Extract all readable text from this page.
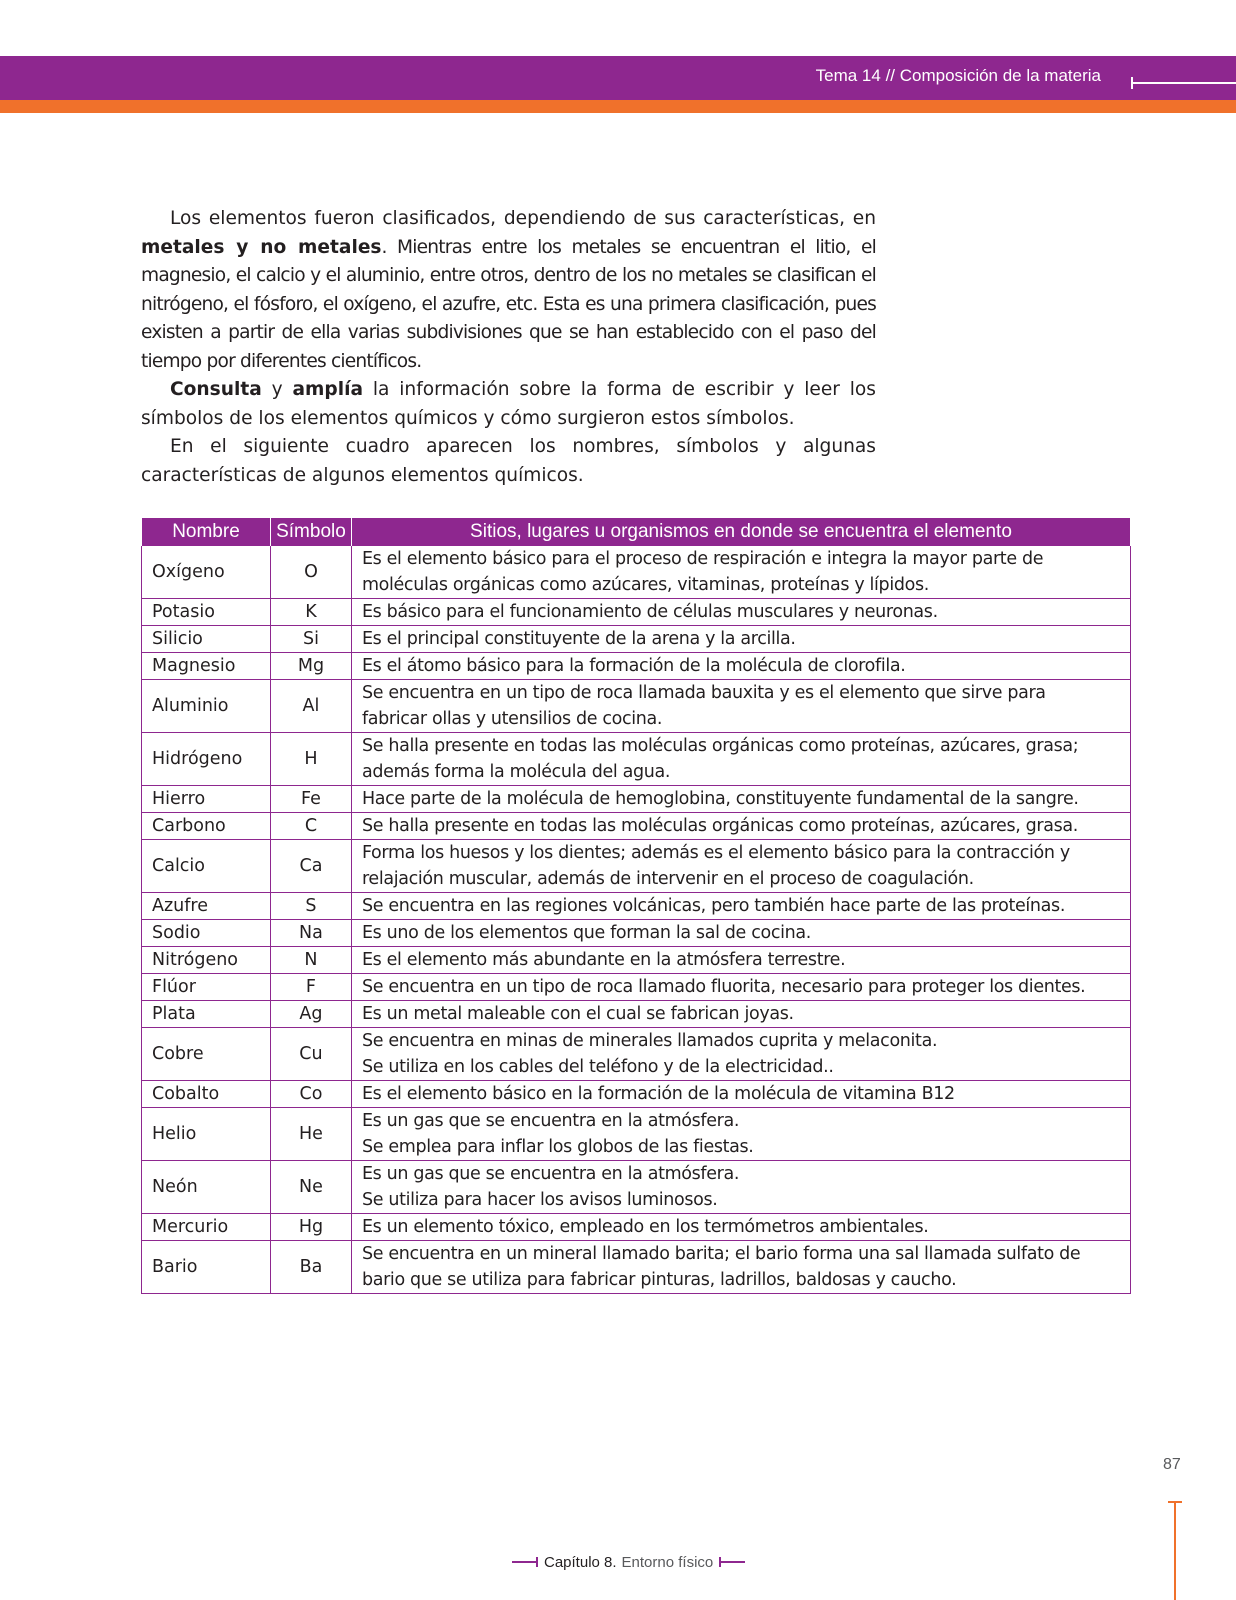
Tema 14 // Composición de la materia

Los elementos fueron clasificados, dependiendo de sus características, en metales y no metales. Mientras entre los metales se encuentran el litio, el magnesio, el calcio y el aluminio, entre otros, dentro de los no metales se clasifican el nitrógeno, el fósforo, el oxígeno, el azufre, etc. Esta es una primera clasificación, pues existen a partir de ella varias subdivisiones que se han establecido con el paso del tiempo por diferentes científicos.

Consulta y amplía la información sobre la forma de escribir y leer los símbolos de los elementos químicos y cómo surgieron estos símbolos.

En el siguiente cuadro aparecen los nombres, símbolos y algunas características de algunos elementos químicos.

Nombre	Símbolo	Sitios, lugares u organismos en donde se encuentra el elemento
Oxígeno	O	Es el elemento básico para el proceso de respiración e integra la mayor parte de
moléculas orgánicas como azúcares, vitaminas, proteínas y lípidos.
Potasio	K	Es básico para el funcionamiento de células musculares y neuronas.
Silicio	Si	Es el principal constituyente de la arena y la arcilla.
Magnesio	Mg	Es el átomo básico para la formación de la molécula de clorofila.
Aluminio	Al	Se encuentra en un tipo de roca llamada bauxita y es el elemento que sirve para
fabricar ollas y utensilios de cocina.
Hidrógeno	H	Se halla presente en todas las moléculas orgánicas como proteínas, azúcares, grasa;
además forma la molécula del agua.
Hierro	Fe	Hace parte de la molécula de hemoglobina, constituyente fundamental de la sangre.
Carbono	C	Se halla presente en todas las moléculas orgánicas como proteínas, azúcares, grasa.
Calcio	Ca	Forma los huesos y los dientes; además es el elemento básico para la contracción y
relajación muscular, además de intervenir en el proceso de coagulación.
Azufre	S	Se encuentra en las regiones volcánicas, pero también hace parte de las proteínas.
Sodio	Na	Es uno de los elementos que forman la sal de cocina.
Nitrógeno	N	Es el elemento más abundante en la atmósfera terrestre.
Flúor	F	Se encuentra en un tipo de roca llamado fluorita, necesario para proteger los dientes.
Plata	Ag	Es un metal maleable con el cual se fabrican joyas.
Cobre	Cu	Se encuentra en minas de minerales llamados cuprita y melaconita.
Se utiliza en los cables del teléfono y de la electricidad..
Cobalto	Co	Es el elemento básico en la formación de la molécula de vitamina B12
Helio	He	Es un gas que se encuentra en la atmósfera.
Se emplea para inflar los globos de las fiestas.
Neón	Ne	Es un gas que se encuentra en la atmósfera.
Se utiliza para hacer los avisos luminosos.
Mercurio	Hg	Es un elemento tóxico, empleado en los termómetros ambientales.
Bario	Ba	Se encuentra en un mineral llamado barita; el bario forma una sal llamada sulfato de
bario que se utiliza para fabricar pinturas, ladrillos, baldosas y caucho.
87
Capítulo 8. Entorno físico
